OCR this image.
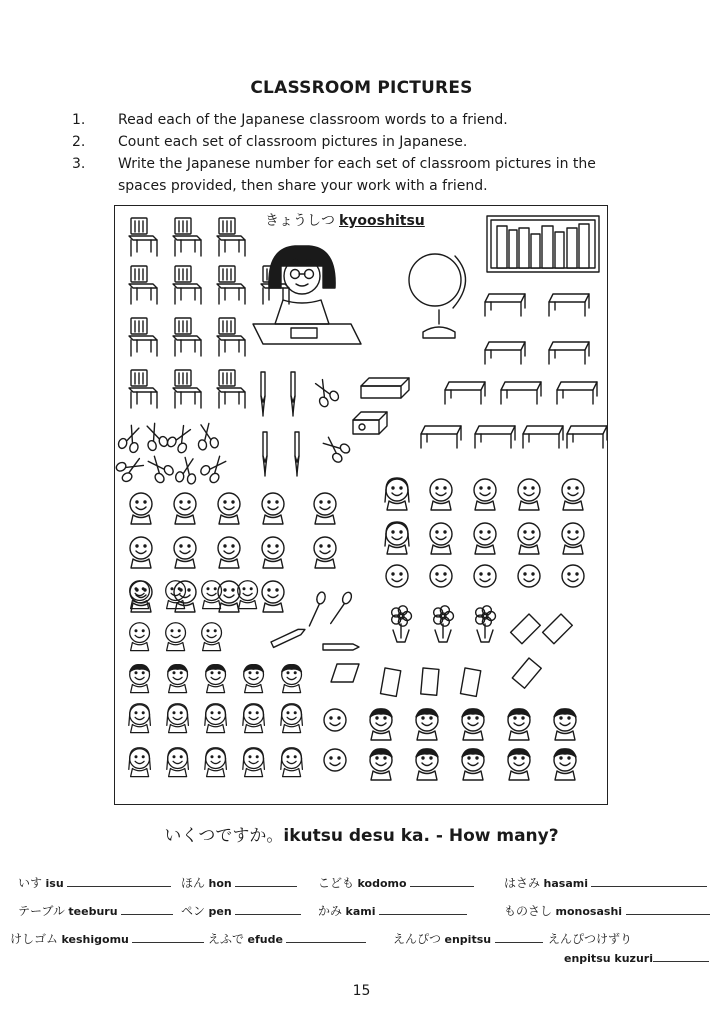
CLASSROOM PICTURES
1.	Read each of the Japanese classroom words to a friend.
2.	Count each set of classroom pictures in Japanese.
3.	Write the Japanese number for each set of classroom pictures in the spaces provided, then share your work with a friend.
きょうしつ kyooshitsu
いくつですか。ikutsu desu ka. - How many?
いす isu	ほん hon	こども kodomo	はさみ hasami
テーブル teeburu	ペン pen	かみ kami	ものさし monosashi
けしゴム keshigomu	えふで efude	えんぴつ enpitsu	えんぴつけずり
enpitsu kuzuri
15
